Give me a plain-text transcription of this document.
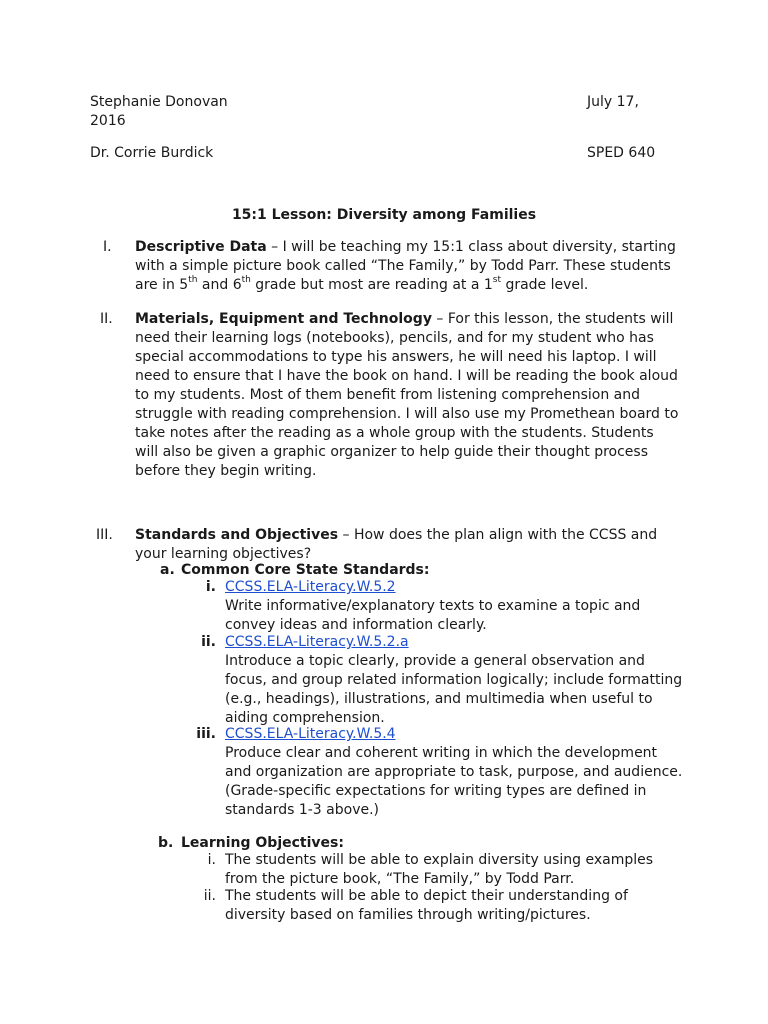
Stephanie Donovan	July 17,
2016
Dr. Corrie Burdick	SPED 640
15:1 Lesson: Diversity among Families
I.	Descriptive Data – I will be teaching my 15:1 class about diversity, starting with a simple picture book called “The Family,” by Todd Parr. These students are in 5th and 6th grade but most are reading at a 1st grade level.

II.	Materials, Equipment and Technology – For this lesson, the students will need their learning logs (notebooks), pencils, and for my student who has special accommodations to type his answers, he will need his laptop. I will need to ensure that I have the book on hand. I will be reading the book aloud to my students. Most of them benefit from listening comprehension and struggle with reading comprehension. I will also use my Promethean board to take notes after the reading as a whole group with the students. Students will also be given a graphic organizer to help guide their thought process before they begin writing.

III.	Standards and Objectives – How does the plan align with the CCSS and your learning objectives?

a. Common Core State Standards:
i. CCSS.ELA-Literacy.W.5.2
Write informative/explanatory texts to examine a topic and convey ideas and information clearly.
ii. CCSS.ELA-Literacy.W.5.2.a
Introduce a topic clearly, provide a general observation and focus, and group related information logically; include formatting (e.g., headings), illustrations, and multimedia when useful to aiding comprehension.
iii. CCSS.ELA-Literacy.W.5.4
Produce clear and coherent writing in which the development and organization are appropriate to task, purpose, and audience. (Grade-specific expectations for writing types are defined in standards 1-3 above.)
b. Learning Objectives:
i. The students will be able to explain diversity using examples from the picture book, “The Family,” by Todd Parr.
ii. The students will be able to depict their understanding of diversity based on families through writing/pictures.
